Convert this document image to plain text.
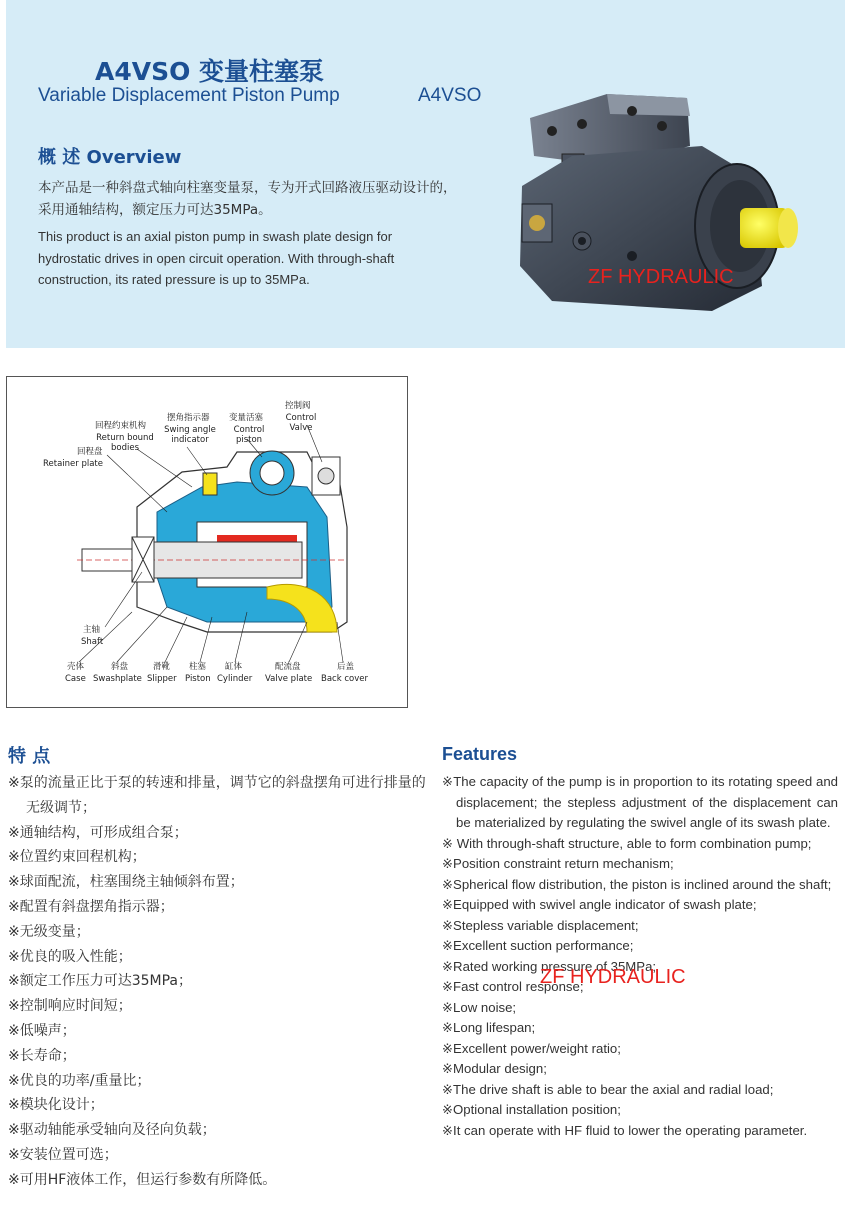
A4VSO 变量柱塞泵
Variable Displacement Piston Pump	A4VSO
概 述 Overview
本产品是一种斜盘式轴向柱塞变量泵，专为开式回路液压驱动设计的，采用通轴结构，额定压力可达35MPa。
This product is an axial piston pump in swash plate design for hydrostatic drives in open circuit operation. With through-shaft construction, its rated pressure is up to 35MPa.	ZF HYDRAULIC
控制阀
Control Valve
变量活塞
Control piston
摆角指示器
Swing angle indicator
回程约束机构
Return bound bodies
回程盘
Retainer plate
主轴
Shaft
壳体
Case
斜盘
Swashplate
滑靴
Slipper
柱塞
Piston
缸体
Cylinder
配流盘
Valve plate
后盖
Back cover
特 点
※泵的流量正比于泵的转速和排量，调节它的斜盘摆角可进行排量的无级调节；
※通轴结构，可形成组合泵；
※位置约束回程机构；
※球面配流，柱塞围绕主轴倾斜布置；
※配置有斜盘摆角指示器；
※无级变量；
※优良的吸入性能；
※额定工作压力可达35MPa；
※控制响应时间短；
※低噪声；
※长寿命；
※优良的功率/重量比；
※模块化设计；
※驱动轴能承受轴向及径向负载；
※安装位置可选；
※可用HF液体工作，但运行参数有所降低。
Features
※The capacity of the pump is in proportion to its rotating speed and displacement; the stepless adjustment of the displacement can be materialized by regulating the swivel angle of its swash plate.
※ With through-shaft structure, able to form combination pump;
※Position constraint return mechanism;
※Spherical flow distribution, the piston is inclined around the shaft;
※Equipped with swivel angle indicator of swash plate;
※Stepless variable displacement;
※Excellent suction performance;
※Rated working pressure of 35MPa;
※Fast control response;
※Low noise;
※Long lifespan;
※Excellent power/weight ratio;
※Modular design;
※The drive shaft is able to bear the axial and radial load;
※Optional installation position;
※It can operate with HF fluid to lower the operating parameter.
ZF HYDRAULIC
